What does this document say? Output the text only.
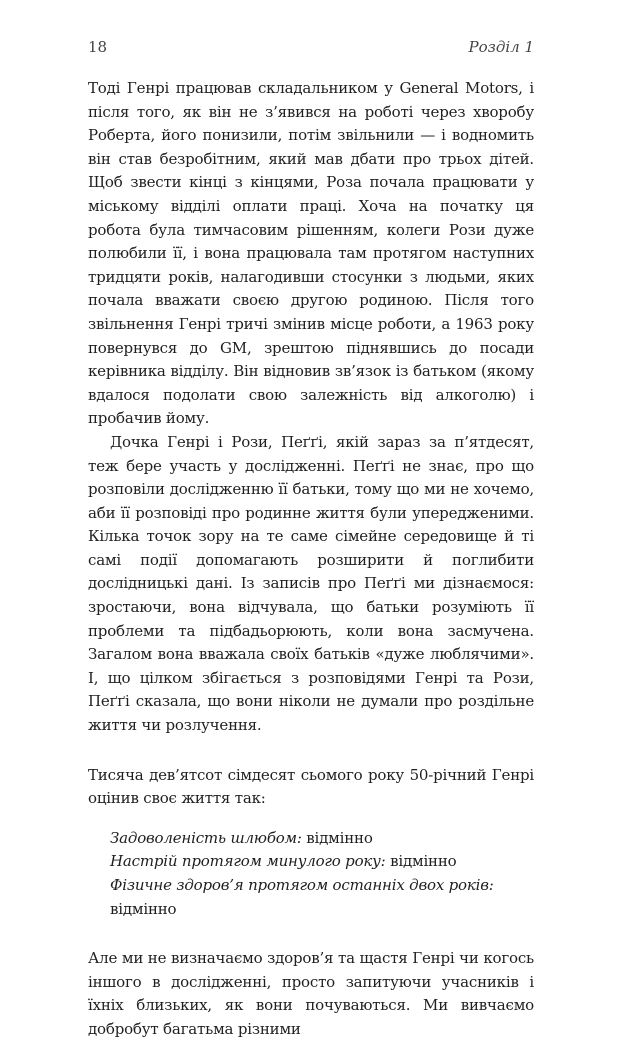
18	Розділ 1

Тоді Генрі працював складальником у General Motors, і після того, як він не з’явився на роботі через хворобу Роберта, його понизили, потім звільнили — і водномить він став безробітним, який мав дбати про трьох дітей. Щоб звести кінці з кінцями, Роза почала працювати у міському відділі оплати праці. Хоча на початку ця робота була тимчасовим рішенням, колеги Рози дуже полюбили її, і вона працювала там протягом наступних тридцяти років, налагодивши стосунки з людьми, яких почала вважати своєю другою родиною. Після того звільнення Генрі тричі змінив місце роботи, а 1963 року повернувся до GM, зрештою піднявшись до посади керівника відділу. Він відновив зв’язок із батьком (якому вдалося подолати свою залежність від алкоголю) і пробачив йому.

Дочка Генрі і Рози, Пеґґі, якій зараз за п’ятдесят, теж бере участь у дослідженні. Пеґґі не знає, про що розповіли дослідженню її батьки, тому що ми не хочемо, аби її розповіді про родинне життя були упередженими. Кілька точок зору на те саме сімейне середовище й ті самі події допомагають розширити й поглибити дослідницькі дані. Із записів про Пеґґі ми дізнаємося: зростаючи, вона відчувала, що батьки розуміють її проблеми та підбадьорюють, коли вона засмучена. Загалом вона вважала своїх батьків «дуже люблячими». І, що цілком збігається з розповідями Генрі та Рози, Пеґґі сказала, що вони ніколи не думали про роздільне життя чи розлучення.

Тисяча дев’ятсот сімдесят сьомого року 50-річний Генрі оцінив своє життя так:

Задоволеність шлюбом: відмінно

Настрій протягом минулого року: відмінно

Фізичне здоров’я протягом останніх двох років: відмінно

Але ми не визначаємо здоров’я та щастя Генрі чи когось іншого в дослідженні, просто запитуючи учасників і їхніх близьких, як вони почуваються. Ми вивчаємо добробут багатьма різними
